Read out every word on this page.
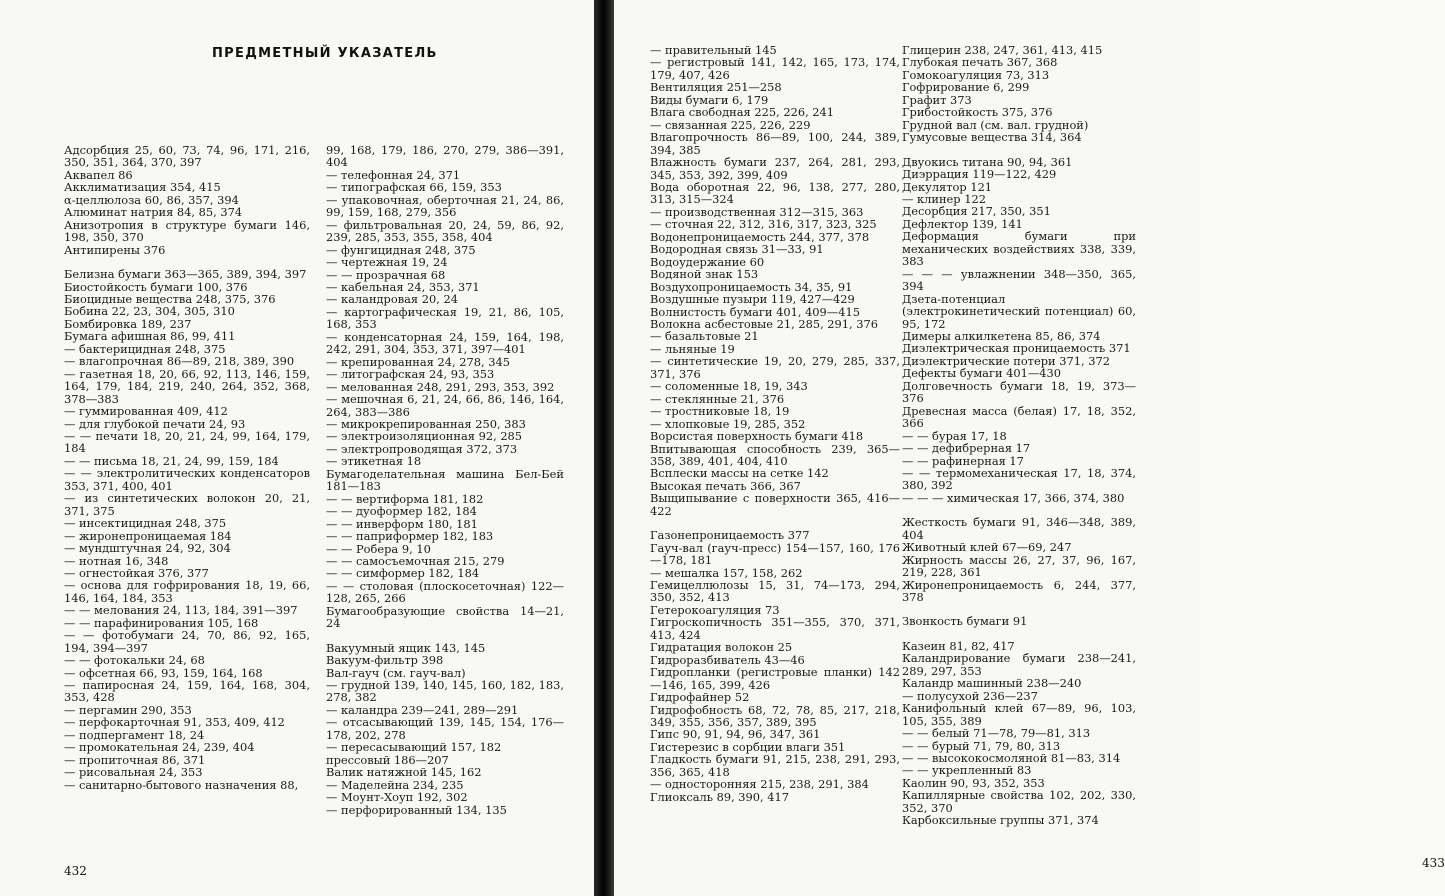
ПРЕДМЕТНЫЙ УКАЗАТЕЛЬ
Адсорбция 25, 60, 73, 74, 96, 171, 216, 350, 351, 364, 370, 397
Аквапел 86
Акклиматизация 354, 415
α-целлюлоза 60, 86, 357, 394
Алюминат натрия 84, 85, 374
Анизотропия в структуре бумаги 146, 198, 350, 370
Антипирены 376
Белизна бумаги 363—365, 389, 394, 397
Биостойкость бумаги 100, 376
Биоцидные вещества 248, 375, 376
Бобина 22, 23, 304, 305, 310
Бомбировка 189, 237
Бумага афишная 86, 99, 411
— бактерицидная 248, 375
— влагопрочная 86—89, 218, 389, 390
— газетная 18, 20, 66, 92, 113, 146, 159, 164, 179, 184, 219, 240, 264, 352, 368, 378—383
— гуммированная 409, 412
— для глубокой печати 24, 93
— — печати 18, 20, 21, 24, 99, 164, 179, 184
— — письма 18, 21, 24, 99, 159, 184
— — электролитических конденсаторов 353, 371, 400, 401
— из синтетических волокон 20, 21, 371, 375
— инсектицидная 248, 375
— жиронепроницаемая 184
— мундштучная 24, 92, 304
— нотная 16, 348
— огнестойкая 376, 377
— основа для гофрирования 18, 19, 66, 146, 164, 184, 353
— — мелования 24, 113, 184, 391—397
— — парафинирования 105, 168
— — фотобумаги 24, 70, 86, 92, 165, 194, 394—397
— — фотокальки 24, 68
— офсетная 66, 93, 159, 164, 168
— папиросная 24, 159, 164, 168, 304, 353, 428
— пергамин 290, 353
— перфокарточная 91, 353, 409, 412
— подпергамент 18, 24
— промокательная 24, 239, 404
— пропиточная 86, 371
— рисовальная 24, 353
— санитарно-бытового назначения 88,
99, 168, 179, 186, 270, 279, 386—391, 404
— телефонная 24, 371
— типографская 66, 159, 353
— упаковочная, оберточная 21, 24, 86, 99, 159, 168, 279, 356
— фильтровальная 20, 24, 59, 86, 92, 239, 285, 353, 355, 358, 404
— фунгицидная 248, 375
— чертежная 19, 24
— — прозрачная 68
— кабельная 24, 353, 371
— каландровая 20, 24
— картографическая 19, 21, 86, 105, 168, 353
— конденсаторная 24, 159, 164, 198, 242, 291, 304, 353, 371, 397—401
— крепированная 24, 278, 345
— литографская 24, 93, 353
— мелованная 248, 291, 293, 353, 392
— мешочная 6, 21, 24, 66, 86, 146, 164, 264, 383—386
— микрокрепированная 250, 383
— электроизоляционная 92, 285
— электропроводящая 372, 373
— этикетная 18
Бумагоделательная машина Бел-Бей 181—183
— — вертиформа 181, 182
— — дуоформер 182, 184
— — инверформ 180, 181
— — паприформер 182, 183
— — Робера 9, 10
— — самосъемочная 215, 279
— — симформер 182, 184
— — столовая (плоскосеточная) 122—128, 265, 266
Бумагообразующие свойства 14—21, 24
Вакуумный ящик 143, 145
Вакуум-фильтр 398
Вал-гауч (см. гауч-вал)
— грудной 139, 140, 145, 160, 182, 183, 278, 382
— каландра 239—241, 289—291
— отсасывающий 139, 145, 154, 176—178, 202, 278
— пересасывающий 157, 182
прессовый 186—207
Валик натяжной 145, 162
— Маделейна 234, 235
— Моунт-Хоуп 192, 302
— перфорированный 134, 135
432
— правительный 145
— регистровый 141, 142, 165, 173, 174, 179, 407, 426
Вентиляция 251—258
Виды бумаги 6, 179
Влага свободная 225, 226, 241
— связанная 225, 226, 229
Влагопрочность 86—89, 100, 244, 389, 394, 385
Влажность бумаги 237, 264, 281, 293, 345, 353, 392, 399, 409
Вода оборотная 22, 96, 138, 277, 280, 313, 315—324
— производственная 312—315, 363
— сточная 22, 312, 316, 317, 323, 325
Водонепроницаемость 244, 377, 378
Водородная связь 31—33, 91
Водоудержание 60
Водяной знак 153
Воздухопроницаемость 34, 35, 91
Воздушные пузыри 119, 427—429
Волнистость бумаги 401, 409—415
Волокна асбестовые 21, 285, 291, 376
— базальтовые 21
— льняные 19
— синтетические 19, 20, 279, 285, 337, 371, 376
— соломенные 18, 19, 343
— стеклянные 21, 376
— тростниковые 18, 19
— хлопковые 19, 285, 352
Ворсистая поверхность бумаги 418
Впитывающая способность 239, 365—358, 389, 401, 404, 410
Всплески массы на сетке 142
Высокая печать 366, 367
Выщипывание с поверхности 365, 416—422
Газонепроницаемость 377
Гауч-вал (гауч-пресс) 154—157, 160, 176—178, 181
— мешалка 157, 158, 262
Гемицеллюлозы 15, 31, 74—173, 294, 350, 352, 413
Гетерокоагуляция 73
Гигроскопичность 351—355, 370, 371, 413, 424
Гидратация волокон 25
Гидроразбиватель 43—46
Гидропланки (регистровые планки) 142—146, 165, 399, 426
Гидрофайнер 52
Гидрофобность 68, 72, 78, 85, 217, 218, 349, 355, 356, 357, 389, 395
Гипс 90, 91, 94, 96, 347, 361
Гистерезис в сорбции влаги 351
Гладкость бумаги 91, 215, 238, 291, 293, 356, 365, 418
— односторонняя 215, 238, 291, 384
Глиоксаль 89, 390, 417
Глицерин 238, 247, 361, 413, 415
Глубокая печать 367, 368
Гомокоагуляция 73, 313
Гофрирование 6, 299
Графит 373
Грибостойкость 375, 376
Грудной вал (см. вал. грудной)
Гумусовые вещества 314, 364
Двуокись титана 90, 94, 361
Диэррация 119—122, 429
Декулятор 121
— клинер 122
Десорбция 217, 350, 351
Дефлектор 139, 141
Деформация бумаги при механических воздействиях 338, 339, 383
— — — увлажнении 348—350, 365, 394
Дзета-потенциал (электрокинетический потенциал) 60, 95, 172
Димеры алкилкетена 85, 86, 374
Диэлектрическая проницаемость 371
Диэлектрические потери 371, 372
Дефекты бумаги 401—430
Долговечность бумаги 18, 19, 373—376
Древесная масса (белая) 17, 18, 352, 366
— — бурая 17, 18
— — дефибрерная 17
— — рафинерная 17
— — термомеханическая 17, 18, 374, 380, 392
— — — химическая 17, 366, 374, 380
Жесткость бумаги 91, 346—348, 389, 404
Животный клей 67—69, 247
Жирность массы 26, 27, 37, 96, 167, 219, 228, 361
Жиронепроницаемость 6, 244, 377, 378
Звонкость бумаги 91
Казеин 81, 82, 417
Каландрирование бумаги 238—241, 289, 297, 353
Каландр машинный 238—240
— полусухой 236—237
Канифольный клей 67—89, 96, 103, 105, 355, 389
— — белый 71—78, 79—81, 313
— — бурый 71, 79, 80, 313
— — высококосмоляной 81—83, 314
— — укрепленный 83
Каолин 90, 93, 352, 353
Капиллярные свойства 102, 202, 330, 352, 370
Карбоксильные группы 371, 374
433
